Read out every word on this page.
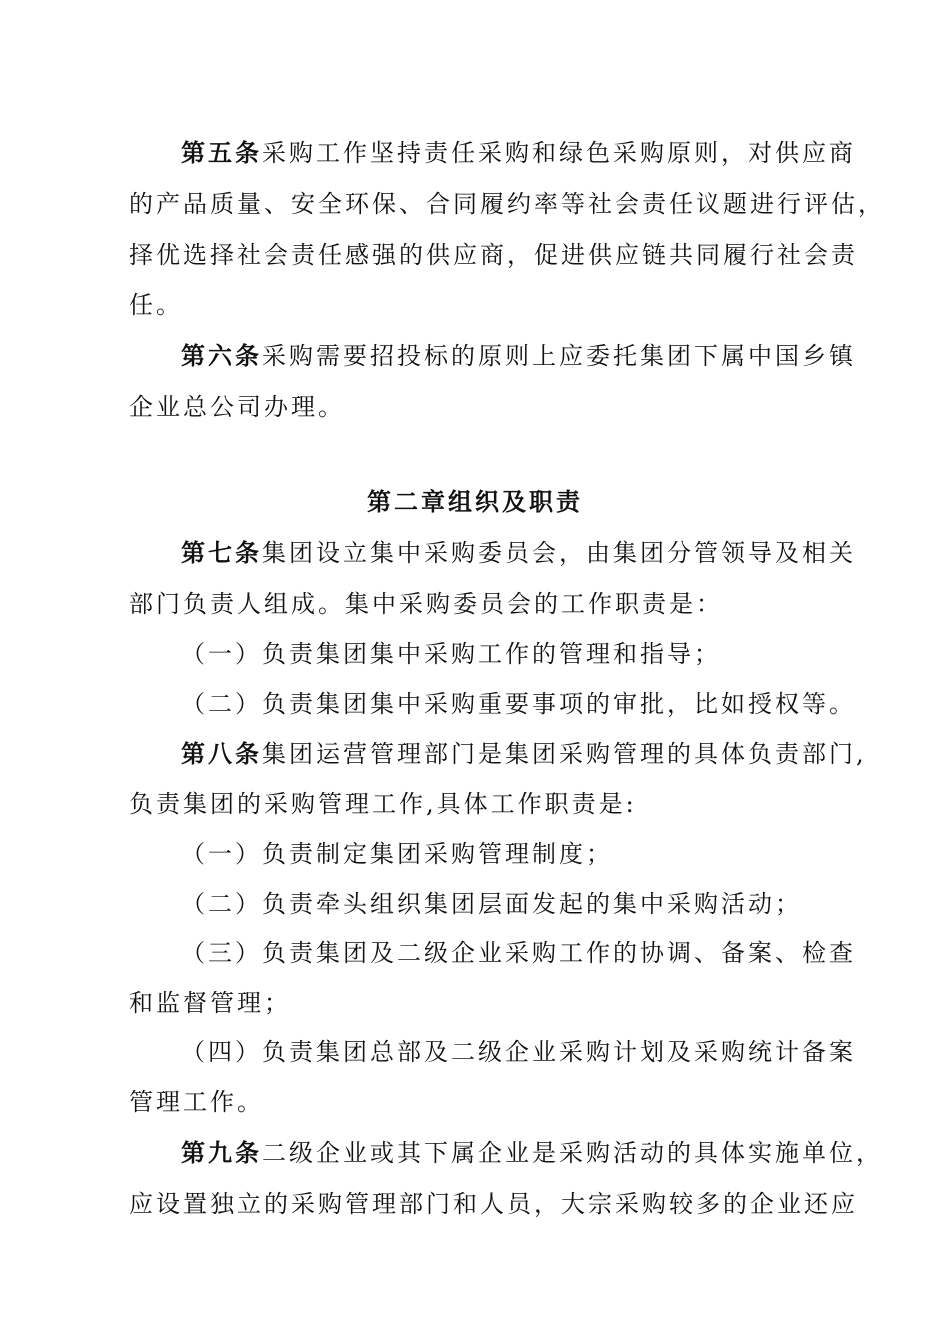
第五条采购工作坚持责任采购和绿色采购原则，对供应商
的产品质量、安全环保、合同履约率等社会责任议题进行评估，
择优选择社会责任感强的供应商，促进供应链共同履行社会责
任。
第六条采购需要招投标的原则上应委托集团下属中国乡镇
企业总公司办理。
第二章组织及职责
第七条集团设立集中采购委员会，由集团分管领导及相关
部门负责人组成。集中采购委员会的工作职责是：
（一）负责集团集中采购工作的管理和指导；
（二）负责集团集中采购重要事项的审批，比如授权等。
第八条集团运营管理部门是集团采购管理的具体负责部门,
负责集团的采购管理工作,具体工作职责是:
（一）负责制定集团采购管理制度；
（二）负责牵头组织集团层面发起的集中采购活动；
（三）负责集团及二级企业采购工作的协调、备案、检查
和监督管理；
（四）负责集团总部及二级企业采购计划及采购统计备案
管理工作。
第九条二级企业或其下属企业是采购活动的具体实施单位，
应设置独立的采购管理部门和人员，大宗采购较多的企业还应
